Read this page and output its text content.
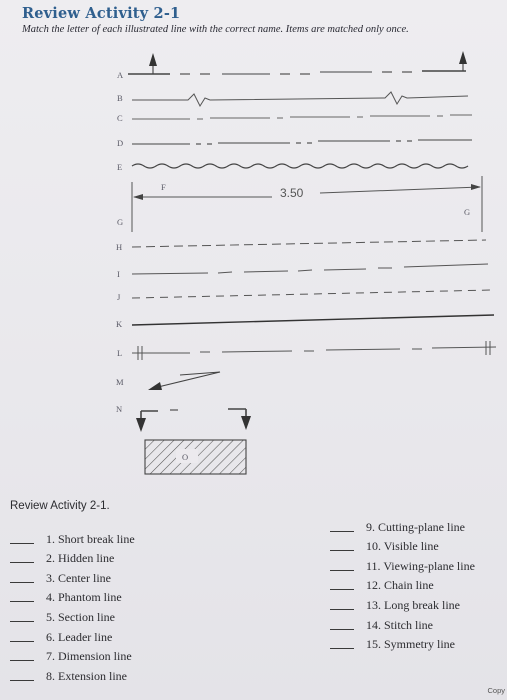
Review Activity 2-1
Match the letter of each illustrated line with the correct name. Items are matched only once.
A
B
C
D
E
F
G
H
I
J
K
L
M
N
3.50
G
O
Review Activity 2-1.
1. Short break line
2. Hidden line
3. Center line
4. Phantom line
5. Section line
6. Leader line
7. Dimension line
8. Extension line
9. Cutting-plane line
10. Visible line
11. Viewing-plane line
12. Chain line
13. Long break line
14. Stitch line
15. Symmetry line
Copy
